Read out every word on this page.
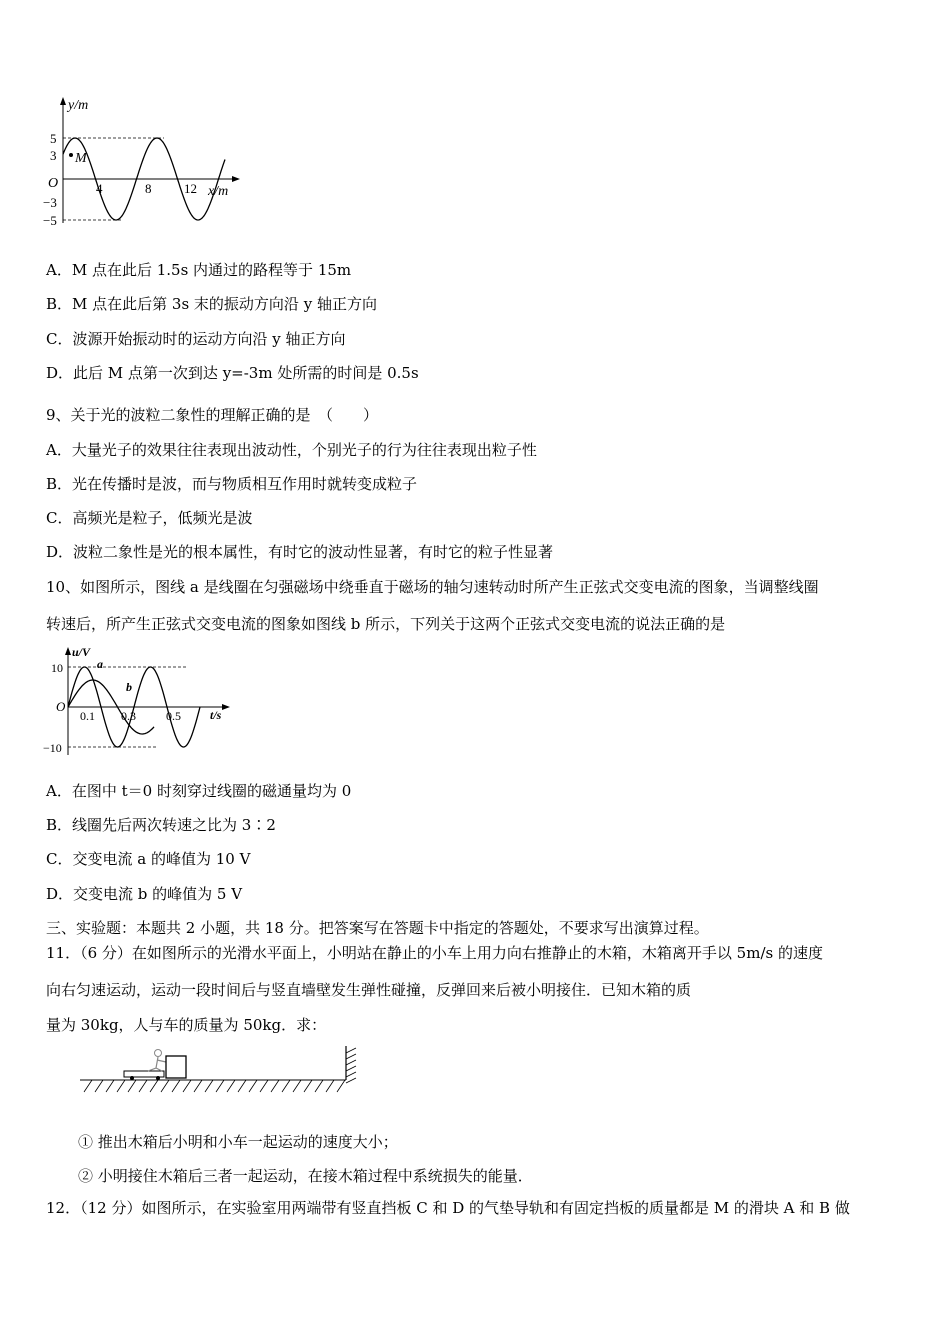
y/m
x/m
O
M
5
3
−3
−5
4	8	12
A．M 点在此后 1.5s 内通过的路程等于 15m
B．M 点在此后第 3s 末的振动方向沿 y 轴正方向
C．波源开始振动时的运动方向沿 y 轴正方向
D．此后 M 点第一次到达 y=-3m 处所需的时间是 0.5s
9、关于光的波粒二象性的理解正确的是　（　　）
A．大量光子的效果往往表现出波动性，个别光子的行为往往表现出粒子性
B．光在传播时是波，而与物质相互作用时就转变成粒子
C．高频光是粒子，低频光是波
D．波粒二象性是光的根本属性，有时它的波动性显著，有时它的粒子性显著
10、如图所示，图线 a 是线圈在匀强磁场中绕垂直于磁场的轴匀速转动时所产生正弦式交变电流的图象，当调整线圈
转速后，所产生正弦式交变电流的图象如图线 b 所示，下列关于这两个正弦式交变电流的说法正确的是
u/V
t/s
O
10
−10
0.1 0.3	0.5
a
b
A．在图中 t＝0 时刻穿过线圈的磁通量均为 0
B．线圈先后两次转速之比为 3∶2
C．交变电流 a 的峰值为 10 V
D．交变电流 b 的峰值为 5 V
三、实验题：本题共 2 小题，共 18 分。把答案写在答题卡中指定的答题处，不要求写出演算过程。
11．（6 分）在如图所示的光滑水平面上，小明站在静止的小车上用力向右推静止的木箱，木箱离开手以 5m/s 的速度
向右匀速运动，运动一段时间后与竖直墙壁发生弹性碰撞，反弹回来后被小明接住．已知木箱的质
量为 30kg，人与车的质量为 50kg．求：
① 推出木箱后小明和小车一起运动的速度大小；
② 小明接住木箱后三者一起运动，在接木箱过程中系统损失的能量．
12．（12 分）如图所示，在实验室用两端带有竖直挡板 C 和 D 的气垫导轨和有固定挡板的质量都是 M 的滑块 A 和 B 做
